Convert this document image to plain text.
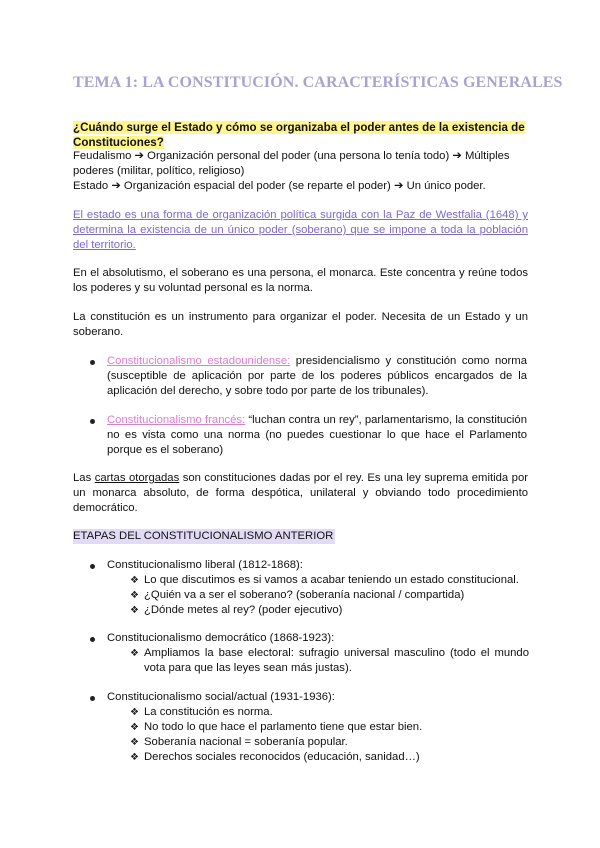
TEMA 1: LA CONSTITUCIÓN. CARACTERÍSTICAS GENERALES
¿Cuándo surge el Estado y cómo se organizaba el poder antes de la existencia de Constituciones?
Feudalismo ➔ Organización personal del poder (una persona lo tenía todo) ➔ Múltiples
poderes (militar, político, religioso)
Estado ➔ Organización espacial del poder (se reparte el poder) ➔ Un único poder.
El estado es una forma de organización política surgida con la Paz de Westfalia (1648) y determina la existencia de un único poder (soberano) que se impone a toda la población del territorio.
En el absolutismo, el soberano es una persona, el monarca. Este concentra y reúne todos los poderes y su voluntad personal es la norma.
La constitución es un instrumento para organizar el poder. Necesita de un Estado y un soberano.
Constitucionalismo estadounidense: presidencialismo y constitución como norma (susceptible de aplicación por parte de los poderes públicos encargados de la aplicación del derecho, y sobre todo por parte de los tribunales).
Constitucionalismo francés: “luchan contra un rey”, parlamentarismo, la constitución no es vista como una norma (no puedes cuestionar lo que hace el Parlamento porque es el soberano)
Las cartas otorgadas son constituciones dadas por el rey. Es una ley suprema emitida por un monarca absoluto, de forma despótica, unilateral y obviando todo procedimiento democrático.
ETAPAS DEL CONSTITUCIONALISMO ANTERIOR
Constitucionalismo liberal (1812-1868):
❖ Lo que discutimos es si vamos a acabar teniendo un estado constitucional.
❖ ¿Quién va a ser el soberano? (soberanía nacional / compartida)
❖ ¿Dónde metes al rey? (poder ejecutivo)
Constitucionalismo democrático (1868-1923):
❖ Ampliamos la base electoral: sufragio universal masculino (todo el mundo vota para que las leyes sean más justas).
Constitucionalismo social/actual (1931-1936):
❖ La constitución es norma.
❖ No todo lo que hace el parlamento tiene que estar bien.
❖ Soberanía nacional = soberanía popular.
❖ Derechos sociales reconocidos (educación, sanidad…)
